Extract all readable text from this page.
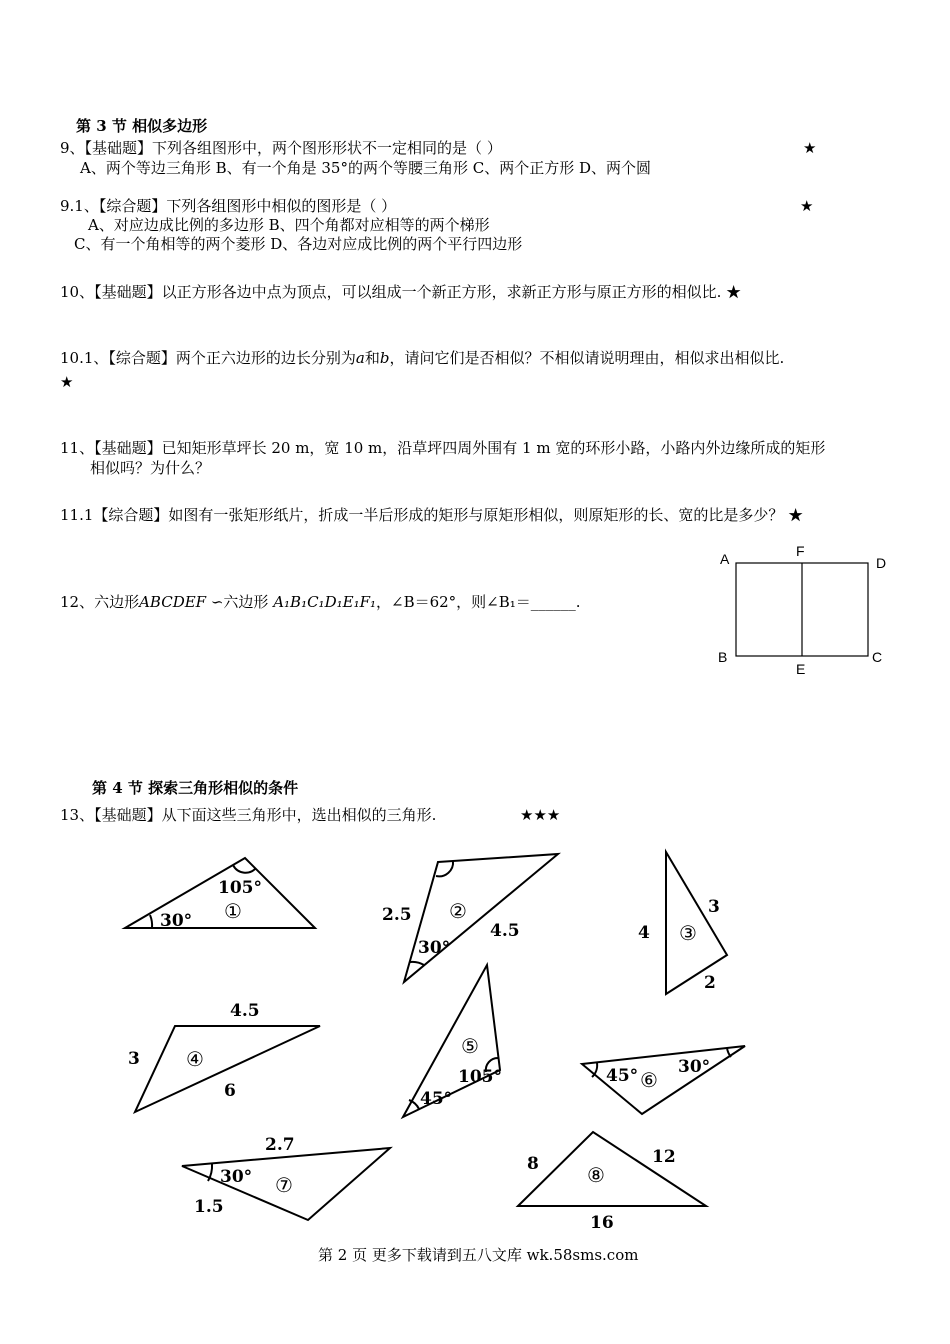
第 3 节 相似多边形
9、【基础题】下列各组图形中，两个图形形状不一定相同的是（ ）	★
A、两个等边三角形 B、有一个角是 35°的两个等腰三角形 C、两个正方形 D、两个圆
9.1、【综合题】下列各组图形中相似的图形是（ ）	★
A、对应边成比例的多边形 B、四个角都对应相等的两个梯形
C、有一个角相等的两个菱形 D、各边对应成比例的两个平行四边形
10、【基础题】以正方形各边中点为顶点，可以组成一个新正方形，求新正方形与原正方形的相似比. ★
10.1、【综合题】两个正六边形的边长分别为𝑎和𝑏，请问它们是否相似？不相似请说明理由，相似求出相似比.
★
11、【基础题】已知矩形草坪长 20 m，宽 10 m，沿草坪四周外围有 1 m 宽的环形小路，小路内外边缘所成的矩形
相似吗？为什么？
11.1【综合题】如图有一张矩形纸片，折成一半后形成的矩形与原矩形相似，则原矩形的长、宽的比是多少？ ★
12、六边形ABCDEF ∽六边形 A₁B₁C₁D₁E₁F₁，∠B＝62°，则∠B₁＝______.
A	F
D
B
E
C
第 4 节 探索三角形相似的条件
13、【基础题】从下面这些三角形中，选出相似的三角形.	★★★
105°
30° ①	2.5
4.5
30°
②
4
3
2
③
4.5
3
6
④
105°
45°
⑤
45° 30°
⑥
2.7
1.5
30° ⑦
8	12
16
⑧
第 2 页 更多下载请到五八文库 wk.58sms.com
